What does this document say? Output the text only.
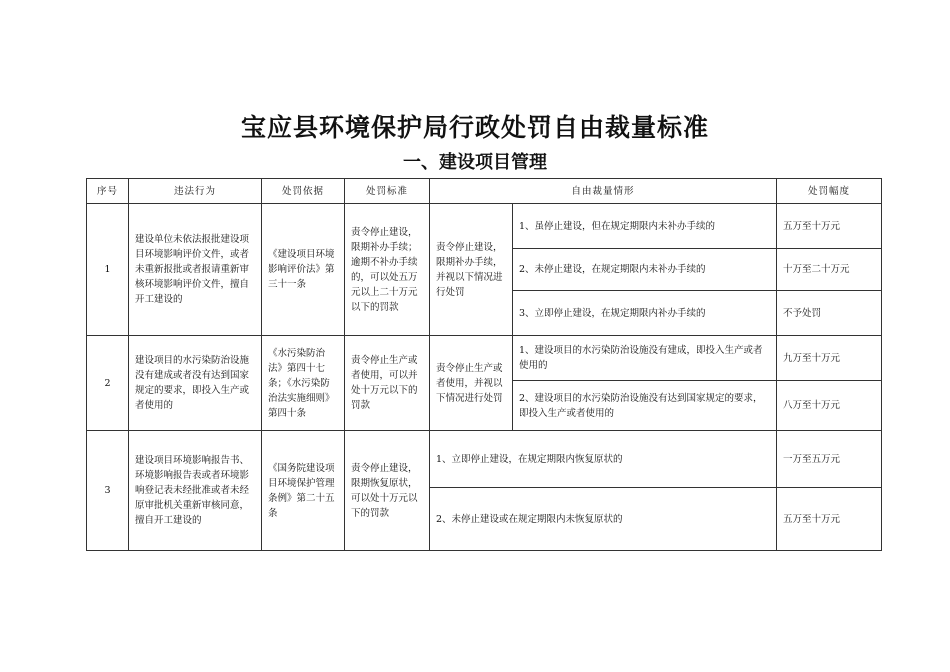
宝应县环境保护局行政处罚自由裁量标准
一、建设项目管理
序号	违法行为	处罚依据	处罚标准	自由裁量情形		处罚幅度
1	建设单位未依法报批建设项目环境影响评价文件，或者未重新报批或者报请重新审核环境影响评价文件，擅自开工建设的	《建设项目环境影响评价法》第三十一条	责令停止建设，限期补办手续；逾期不补办手续的，可以处五万元以上二十万元以下的罚款	责令停止建设，限期补办手续，并视以下情况进行处罚	1、虽停止建设，但在规定期限内未补办手续的	五万至十万元
					2、未停止建设，在规定期限内未补办手续的	十万至二十万元
					3、立即停止建设，在规定期限内补办手续的	不予处罚
2	建设项目的水污染防治设施没有建成或者没有达到国家规定的要求，即投入生产或者使用的	《水污染防治法》第四十七条；《水污染防治法实施细则》第四十条	责令停止生产或者使用，可以并处十万元以下的罚款	责令停止生产或者使用，并视以下情况进行处罚	1、建设项目的水污染防治设施没有建成，即投入生产或者使用的	九万至十万元
					2、建设项目的水污染防治设施没有达到国家规定的要求，即投入生产或者使用的	八万至十万元
3	建设项目环境影响报告书、环境影响报告表或者环境影响登记表未经批准或者未经原审批机关重新审核同意，擅自开工建设的	《国务院建设项目环境保护管理条例》第二十五条	责令停止建设，限期恢复原状，可以处十万元以下的罚款	1、立即停止建设，在规定期限内恢复原状的		一万至五万元
				2、未停止建设或在规定期限内未恢复原状的		五万至十万元
